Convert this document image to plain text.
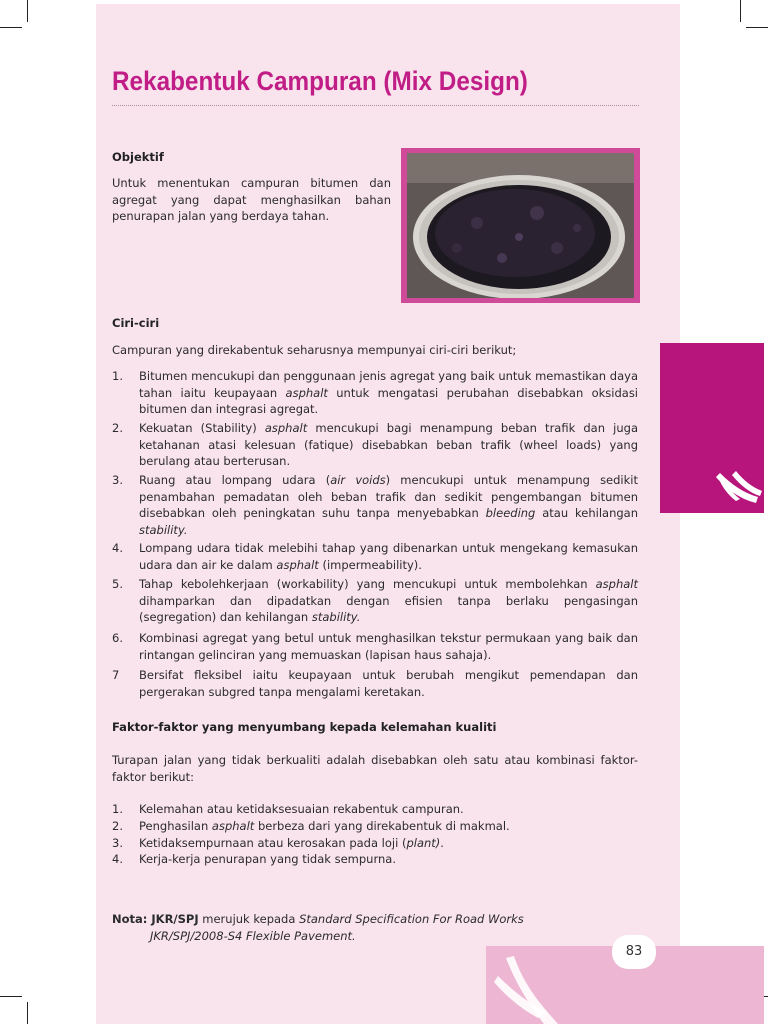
83
Rekabentuk Campuran (Mix Design)
Objektif

Untuk menentukan campuran bitumen dan agregat yang dapat menghasilkan bahan penurapan jalan yang berdaya tahan.

Ciri-ciri

Campuran yang direkabentuk seharusnya mempunyai ciri-ciri berikut;

1. Bitumen mencukupi dan penggunaan jenis agregat yang baik untuk memastikan daya tahan iaitu keupayaan asphalt untuk mengatasi perubahan disebabkan oksidasi bitumen dan integrasi agregat.
2. Kekuatan (Stability) asphalt mencukupi bagi menampung beban trafik dan juga ketahanan atasi kelesuan (fatique) disebabkan beban trafik (wheel loads) yang berulang atau berterusan.
3. Ruang atau lompang udara (air voids) mencukupi untuk menampung sedikit penambahan pemadatan oleh beban trafik dan sedikit pengembangan bitumen disebabkan oleh peningkatan suhu tanpa menyebabkan bleeding atau kehilangan stability.
4. Lompang udara tidak melebihi tahap yang dibenarkan untuk mengekang kemasukan udara dan air ke dalam asphalt (impermeability).
5. Tahap kebolehkerjaan (workability) yang mencukupi untuk membolehkan asphalt dihamparkan dan dipadatkan dengan efisien tanpa berlaku pengasingan (segregation) dan kehilangan stability.
6. Kombinasi agregat yang betul untuk menghasilkan tekstur permukaan yang baik dan rintangan gelinciran yang memuaskan (lapisan haus sahaja).
7 Bersifat fleksibel iaitu keupayaan untuk berubah mengikut pemendapan dan pergerakan subgred tanpa mengalami keretakan.
Faktor-faktor yang menyumbang kepada kelemahan kualiti

Turapan jalan yang tidak berkualiti adalah disebabkan oleh satu atau kombinasi faktor-faktor berikut:

1. Kelemahan atau ketidaksesuaian rekabentuk campuran.
2. Penghasilan asphalt berbeza dari yang direkabentuk di makmal.
3. Ketidaksempurnaan atau kerosakan pada loji (plant).
4. Kerja-kerja penurapan yang tidak sempurna.
Nota: JKR/SPJ merujuk kepada Standard Specification For Road Works
JKR/SPJ/2008-S4 Flexible Pavement.
